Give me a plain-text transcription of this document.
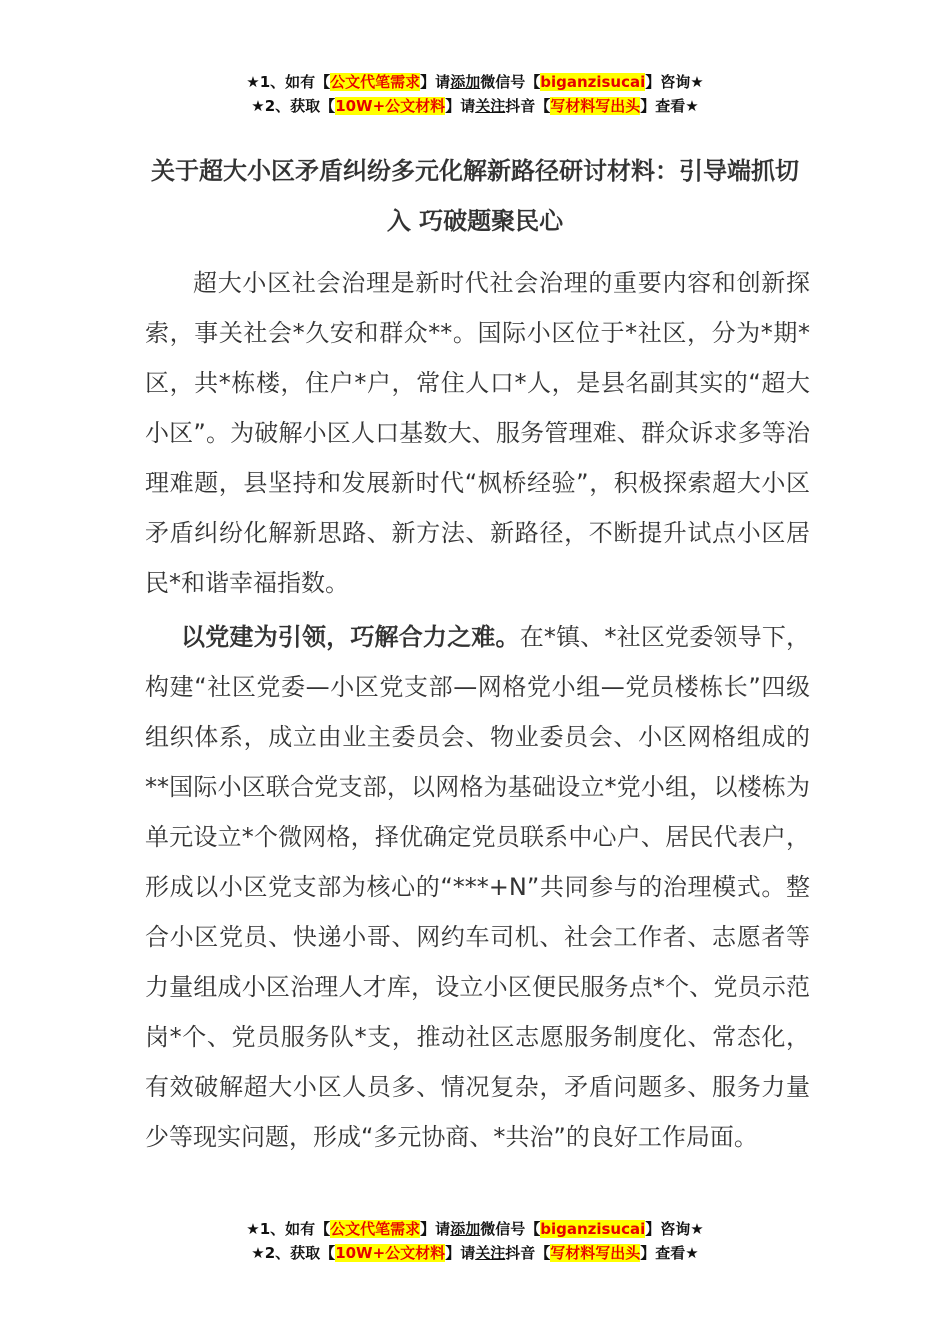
★1、如有【公文代笔需求】请添加微信号【biganzisucai】咨询★
★2、获取【10W+公文材料】请关注抖音【写材料写出头】查看★
关于超大小区矛盾纠纷多元化解新路径研讨材料：引导端抓切入 巧破题聚民心

超大小区社会治理是新时代社会治理的重要内容和创新探索，事关社会*久安和群众**。国际小区位于*社区，分为*期*区，共*栋楼，住户*户，常住人口*人，是县名副其实的“超大小区”。为破解小区人口基数大、服务管理难、群众诉求多等治理难题，县坚持和发展新时代“枫桥经验”，积极探索超大小区矛盾纠纷化解新思路、新方法、新路径，不断提升试点小区居民*和谐幸福指数。

以党建为引领，巧解合力之难。在*镇、*社区党委领导下，构建“社区党委—小区党支部—网格党小组—党员楼栋长”四级组织体系，成立由业主委员会、物业委员会、小区网格组成的**国际小区联合党支部，以网格为基础设立*党小组，以楼栋为单元设立*个微网格，择优确定党员联系中心户、居民代表户，形成以小区党支部为核心的“***+N”共同参与的治理模式。整合小区党员、快递小哥、网约车司机、社会工作者、志愿者等力量组成小区治理人才库，设立小区便民服务点*个、党员示范岗*个、党员服务队*支，推动社区志愿服务制度化、常态化，有效破解超大小区人员多、情况复杂，矛盾问题多、服务力量少等现实问题，形成“多元协商、*共治”的良好工作局面。

★1、如有【公文代笔需求】请添加微信号【biganzisucai】咨询★
★2、获取【10W+公文材料】请关注抖音【写材料写出头】查看★
